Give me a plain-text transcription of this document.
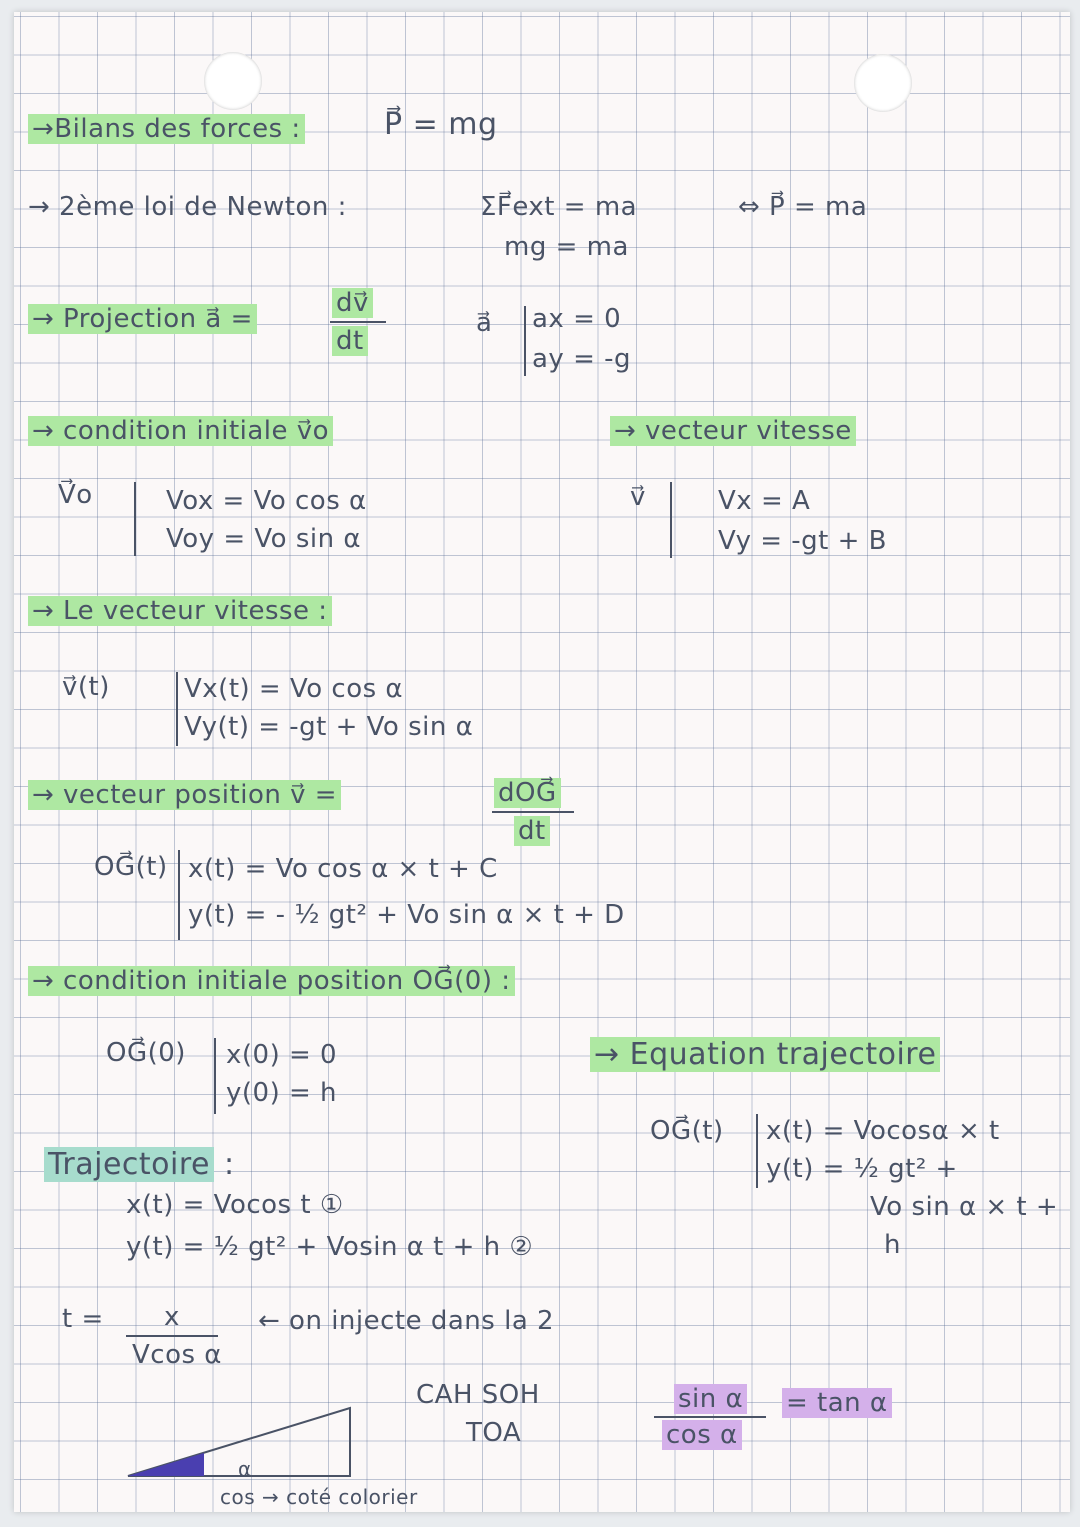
→Bilans des forces :	P⃗ = mg
→ 2ème loi de Newton :	ΣF⃗ext = ma	⇔ P⃗ = ma
mg = ma
→ Projection a⃗ =
dv⃗
dt
a⃗ ax = 0
ay = -g
→ condition initiale v⃗o	→ vecteur vitesse
V⃗o	Vox = Vo cos α
Voy = Vo sin α
v⃗	Vx = A
Vy = -gt + B
→ Le vecteur vitesse :
v⃗(t)	Vx(t) = Vo cos α
Vy(t) = -gt + Vo sin α
→ vecteur position v⃗ =	dOG⃗
dt
OG⃗(t) x(t) = Vo cos α × t + C
y(t) = - ½ gt² + Vo sin α × t + D
→ condition initiale position OG⃗(0) :
OG⃗(0) x(0) = 0
y(0) = h
→ Equation trajectoire
OG⃗(t) x(t) = Vocosα × t
y(t) = ½ gt² +
Vo sin α × t +
h
Trajectoire :
x(t) = Vocos t ①
y(t) = ½ gt² + Vosin α t + h ②
t = x
Vcos α
← on injecte dans la 2
CAH SOH
TOA
sin α
cos α
= tan α
α
cos → coté colorier
